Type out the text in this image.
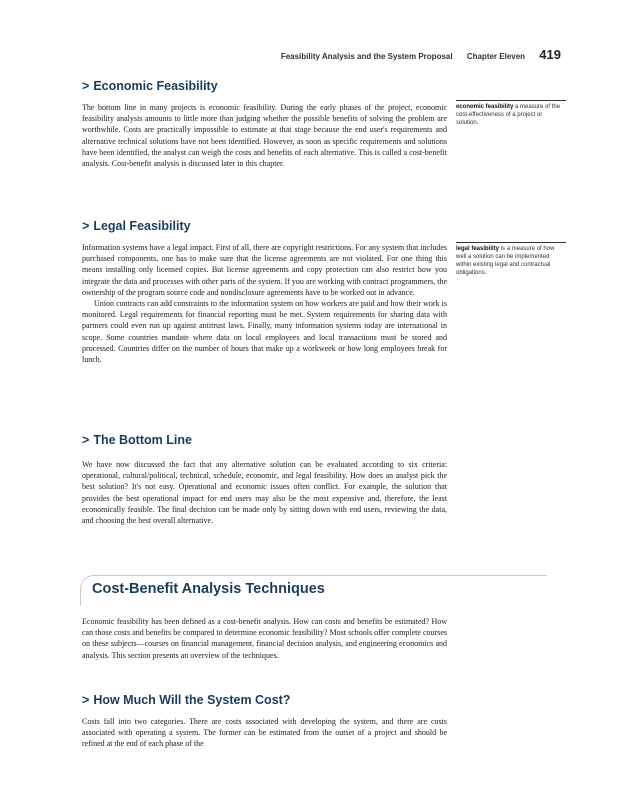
Feasibility Analysis and the System Proposal Chapter Eleven 419
> Economic Feasibility

The bottom line in many projects is economic feasibility. During the early phases of the project, economic feasibility analysis amounts to little more than judging whether the possible benefits of solving the problem are worthwhile. Costs are practically impossible to estimate at that stage because the end user's requirements and alternative technical solutions have not been identified. However, as soon as specific requirements and solutions have been identified, the analyst can weigh the costs and benefits of each alternative. This is called a cost-benefit analysis. Cost-benefit analysis is discussed later in this chapter.

economic feasibility a measure of the cost-effectiveness of a project or solution.
> Legal Feasibility

Information systems have a legal impact. First of all, there are copyright restrictions. For any system that includes purchased components, one has to make sure that the license agreements are not violated. For one thing this means installing only licensed copies. But license agreements and copy protection can also restrict how you integrate the data and processes with other parts of the system. If you are working with contract programmers, the ownership of the program source code and nondisclosure agreements have to be worked out in advance.

Union contracts can add constraints to the information system on how workers are paid and how their work is monitored. Legal requirements for financial reporting must be met. System requirements for sharing data with partners could even run up against antitrust laws. Finally, many information systems today are international in scope. Some countries mandate where data on local employees and local transactions must be stored and processed. Countries differ on the number of hours that make up a workweek or how long employees break for lunch.

legal feasibility is a measure of how well a solution can be implemented within existing legal and contractual obligations.
> The Bottom Line

We have now discussed the fact that any alternative solution can be evaluated according to six criteria: operational, cultural/political, technical, schedule, economic, and legal feasibility. How does an analyst pick the best solution? It's not easy. Operational and economic issues often conflict. For example, the solution that provides the best operational impact for end users may also be the most expensive and, therefore, the least economically feasible. The final decision can be made only by sitting down with end users, reviewing the data, and choosing the best overall alternative.

Cost-Benefit Analysis Techniques

Economic feasibility has been defined as a cost-benefit analysis. How can costs and benefits be estimated? How can those costs and benefits be compared to determine economic feasibility? Most schools offer complete courses on these subjects—courses on financial management, financial decision analysis, and engineering economics and analysis. This section presents an overview of the techniques.

> How Much Will the System Cost?

Costs fall into two categories. There are costs associated with developing the system, and there are costs associated with operating a system. The former can be estimated from the outset of a project and should be refined at the end of each phase of the
